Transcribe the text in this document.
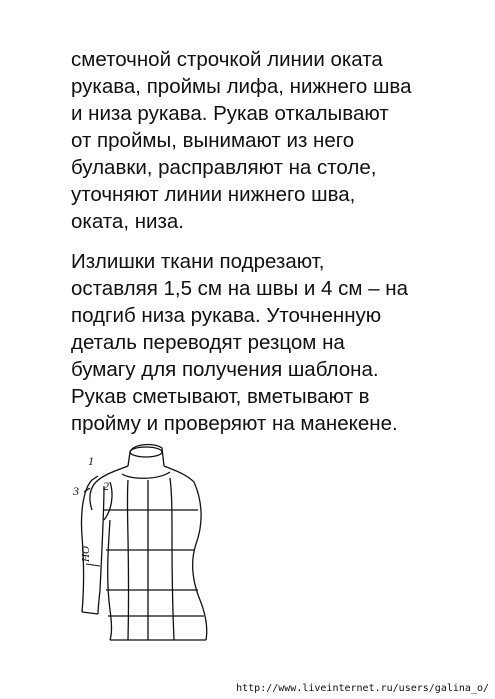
сметочной строчкой линии оката
рукава, проймы лифа, нижнего шва
и низа рукава. Рукав откалывают
от проймы, вынимают из него
булавки, расправляют на столе,
уточняют линии нижнего шва,
оката, низа.
Излишки ткани подрезают,
оставляя 1,5 см на швы и 4 см – на
подгиб низа рукава. Уточненную
деталь переводят резцом на
бумагу для получения шаблона.
Рукав сметывают, вметывают в
пройму и проверяют на манекене.
1
2
3
НО
http://www.liveinternet.ru/users/galina_o/
